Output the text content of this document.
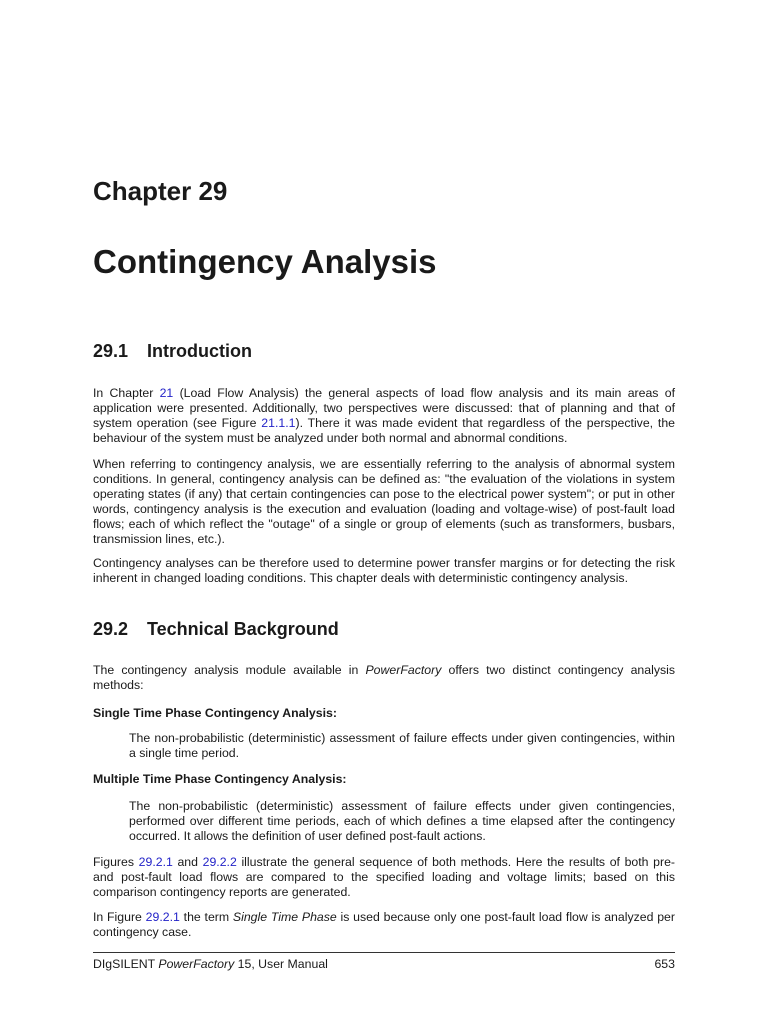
Chapter 29
Contingency Analysis
29.1 Introduction
In Chapter 21 (Load Flow Analysis) the general aspects of load flow analysis and its main areas of application were presented. Additionally, two perspectives were discussed: that of planning and that of system operation (see Figure 21.1.1). There it was made evident that regardless of the perspective, the behaviour of the system must be analyzed under both normal and abnormal conditions.
When referring to contingency analysis, we are essentially referring to the analysis of abnormal system conditions. In general, contingency analysis can be defined as: "the evaluation of the violations in system operating states (if any) that certain contingencies can pose to the electrical power system"; or put in other words, contingency analysis is the execution and evaluation (loading and voltage-wise) of post-fault load flows; each of which reflect the "outage" of a single or group of elements (such as transformers, busbars, transmission lines, etc.).
Contingency analyses can be therefore used to determine power transfer margins or for detecting the risk inherent in changed loading conditions. This chapter deals with deterministic contingency analysis.
29.2 Technical Background
The contingency analysis module available in PowerFactory offers two distinct contingency analysis methods:
Single Time Phase Contingency Analysis:
The non-probabilistic (deterministic) assessment of failure effects under given contingencies, within a single time period.
Multiple Time Phase Contingency Analysis:
The non-probabilistic (deterministic) assessment of failure effects under given contingencies, performed over different time periods, each of which defines a time elapsed after the contingency occurred. It allows the definition of user defined post-fault actions.
Figures 29.2.1 and 29.2.2 illustrate the general sequence of both methods. Here the results of both pre- and post-fault load flows are compared to the specified loading and voltage limits; based on this comparison contingency reports are generated.
In Figure 29.2.1 the term Single Time Phase is used because only one post-fault load flow is analyzed per contingency case.
DIgSILENT PowerFactory 15, User Manual	653
